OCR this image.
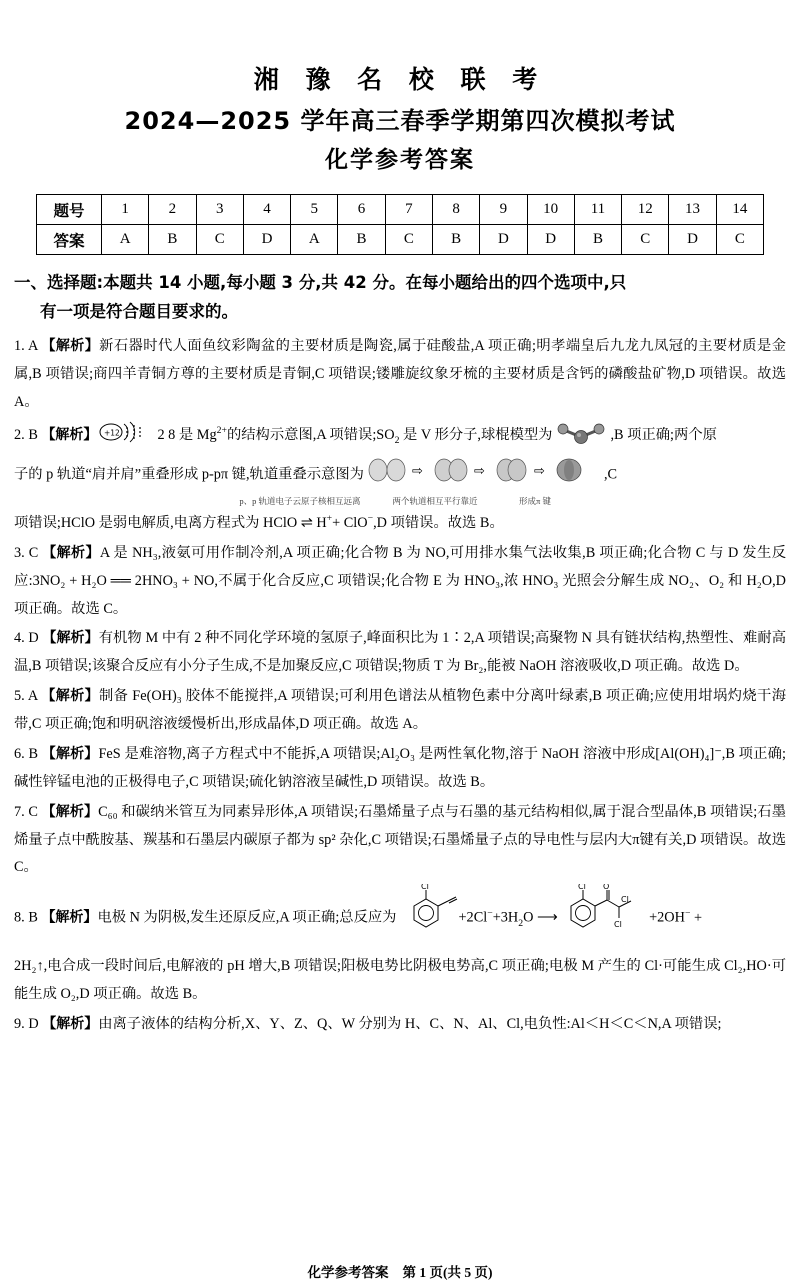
湘 豫 名 校 联 考
2024—2025 学年高三春季学期第四次模拟考试
化学参考答案
题号	1	2	3	4	5	6	7	8	9	10	11	12	13	14
答案	A	B	C	D	A	B	C	B	D	D	B	C	D	C
一、选择题:本题共 14 小题,每小题 3 分,共 42 分。在每小题给出的四个选项中,只
有一项是符合题目要求的。
1. A 【解析】新石器时代人面鱼纹彩陶盆的主要材质是陶瓷,属于硅酸盐,A 项正确;明孝端皇后九龙九凤冠的主要材质是金属,B 项错误;商四羊青铜方尊的主要材质是青铜,C 项错误;镂雕旋纹象牙梳的主要材质是含钙的磷酸盐矿物,D 项错误。故选 A。
2. B 【解析】 +12	2 8 是 $Mg^{2+}$的结构示意图,A 项错误$;SO_2$ 是 V 形分子,球棍模型为	,B 项正确;两个原
子的 p 轨道“肩并肩”重叠形成 p-pπ 键,轨道重叠示意图为	⇨	⇨	⇨	,C
p、p 轨道电子云原子核相互远离	两个轨道相互平行靠近	形成π 键
项错误;HClO 是弱电解质,电离方程式为 HClO ⇌ H++ ClO−,D 项错误。故选 B。
3. C 【解析】A 是 NH₃,液氨可用作制冷剂,A 项正确;化合物 B 为 NO,可用排水集气法收集,B 项正确;化合物 C 与 D 发生反应:3NO₂ + H₂O ══ 2HNO₃ + NO,不属于化合反应,C 项错误;化合物 E 为 HNO₃,浓 HNO₃ 光照会分解生成 NO₂、O₂ 和 H₂O,D 项正确。故选 C。
4. D 【解析】有机物 M 中有 2 种不同化学环境的氢原子,峰面积比为 1∶2,A 项错误;高聚物 N 具有链状结构,热塑性、难耐高温,B 项错误;该聚合反应有小分子生成,不是加聚反应,C 项错误;物质 T 为 Br₂,能被 NaOH 溶液吸收,D 项正确。故选 D。
5. A 【解析】制备 Fe(OH)₃ 胶体不能搅拌,A 项错误;可利用色谱法从植物色素中分离叶绿素,B 项正确;应使用坩埚灼烧干海带,C 项正确;饱和明矾溶液缓慢析出,形成晶体,D 项正确。故选 A。
6. B 【解析】FeS 是难溶物,离子方程式中不能拆,A 项错误;Al₂O₃ 是两性氧化物,溶于 NaOH 溶液中形成[Al(OH)₄]⁻,B 项正确;碱性锌锰电池的正极得电子,C 项错误;硫化钠溶液呈碱性,D 项错误。故选 B。
7. C 【解析】C₆₀ 和碳纳米管互为同素异形体,A 项错误;石墨烯量子点与石墨的基元结构相似,属于混合型晶体,B 项错误;石墨烯量子点中酰胺基、羰基和石墨层内碳原子都为 sp² 杂化,C 项错误;石墨烯量子点的导电性与层内大π键有关,D 项错误。故选 C。
8. B 【解析】电极 N 为阴极,发生还原反应,A 项正确;总反应为
Cl
$+2Cl^-+3H_2O$ ⟶
Cl O
Cl
Cl +2OH− +
2H₂↑,电合成一段时间后,电解液的 pH 增大,B 项错误;阳极电势比阴极电势高,C 项正确;电极 M 产生的 Cl·可能生成 Cl₂,HO·可能生成 O₂,D 项正确。故选 B。
9. D 【解析】由离子液体的结构分析,X、Y、Z、Q、W 分别为 H、C、N、Al、Cl,电负性:Al＜H＜C＜N,A 项错误;
化学参考答案 第 1 页(共 5 页)
